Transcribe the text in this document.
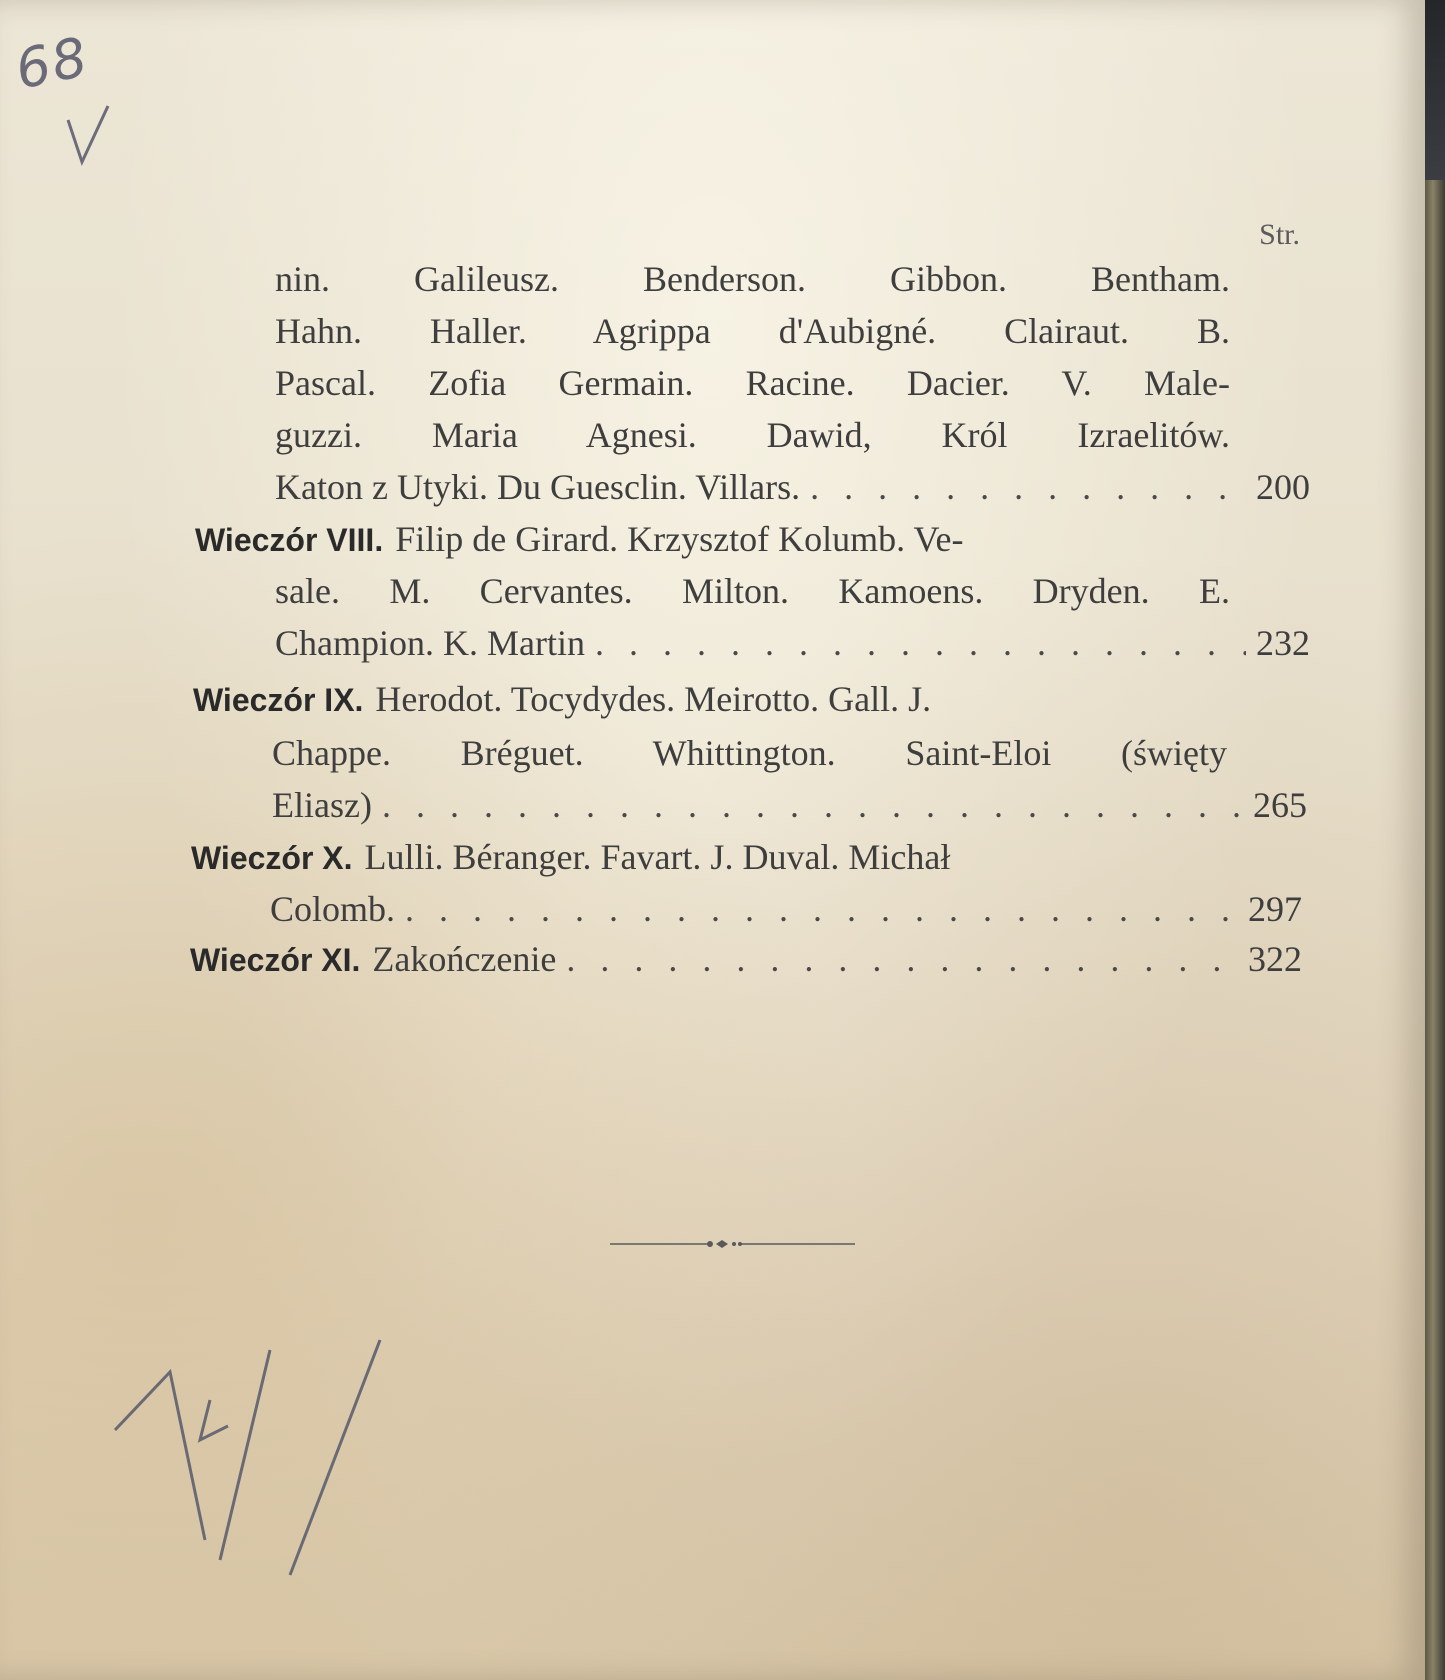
68
Str.
nin. Galileusz. Benderson. Gibbon. Bentham.
Hahn. Haller. Agrippa d'Aubigné. Clairaut. B.
Pascal. Zofia Germain. Racine. Dacier. V. Male-
guzzi. Maria Agnesi. Dawid, Król Izraelitów.
Katon z Utyki. Du Guesclin. Villars. . . .	200
Wieczór VIII. Filip de Girard. Krzysztof Kolumb. Ve-
sale. M. Cervantes. Milton. Kamoens. Dryden. E.
Champion. K. Martin . . .	232
Wieczór IX. Herodot. Tocydydes. Meirotto. Gall. J.
Chappe. Bréguet. Whittington. Saint-Eloi (święty
Eliasz) . . .	265
Wieczór X. Lulli. Béranger. Favart. J. Duval. Michał
Colomb. . . .	297
Wieczór XI. Zakończenie . . .	322
